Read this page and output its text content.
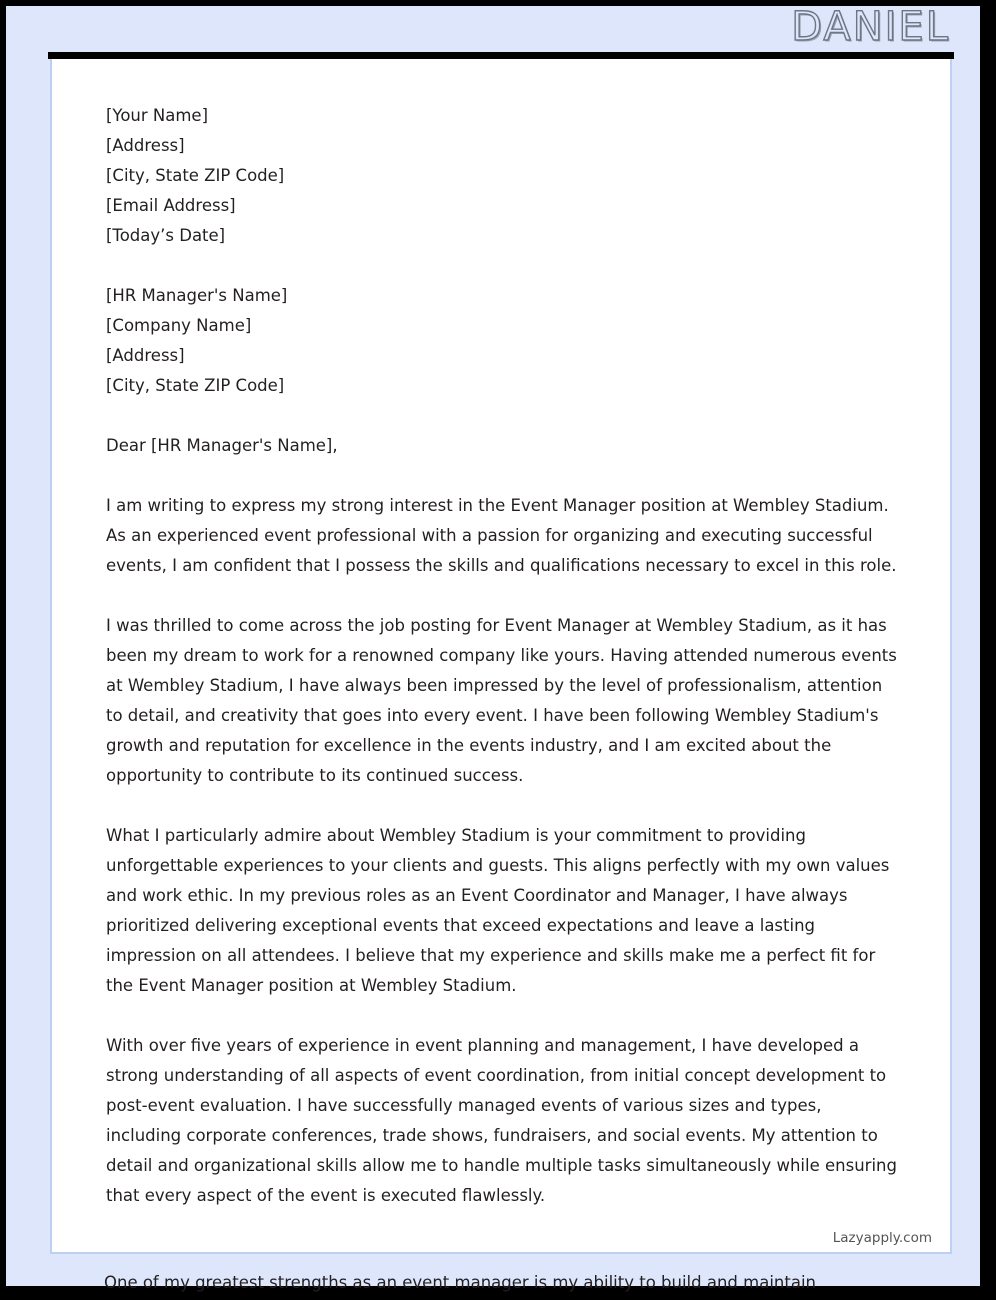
DANIEL
[Your Name]
[Address]
[City, State ZIP Code]
[Email Address]
[Today’s Date]
[HR Manager's Name]
[Company Name]
[Address]
[City, State ZIP Code]
Dear [HR Manager's Name],

I am writing to express my strong interest in the Event Manager position at Wembley Stadium. As an experienced event professional with a passion for organizing and executing successful events, I am confident that I possess the skills and qualifications necessary to excel in this role.

I was thrilled to come across the job posting for Event Manager at Wembley Stadium, as it has been my dream to work for a renowned company like yours. Having attended numerous events at Wembley Stadium, I have always been impressed by the level of professionalism, attention to detail, and creativity that goes into every event. I have been following Wembley Stadium's growth and reputation for excellence in the events industry, and I am excited about the opportunity to contribute to its continued success.

What I particularly admire about Wembley Stadium is your commitment to providing unforgettable experiences to your clients and guests. This aligns perfectly with my own values and work ethic. In my previous roles as an Event Coordinator and Manager, I have always prioritized delivering exceptional events that exceed expectations and leave a lasting impression on all attendees. I believe that my experience and skills make me a perfect fit for the Event Manager position at Wembley Stadium.

With over five years of experience in event planning and management, I have developed a strong understanding of all aspects of event coordination, from initial concept development to post-event evaluation. I have successfully managed events of various sizes and types, including corporate conferences, trade shows, fundraisers, and social events. My attention to detail and organizational skills allow me to handle multiple tasks simultaneously while ensuring that every aspect of the event is executed flawlessly.

Lazyapply.com
One of my greatest strengths as an event manager is my ability to build and maintain
